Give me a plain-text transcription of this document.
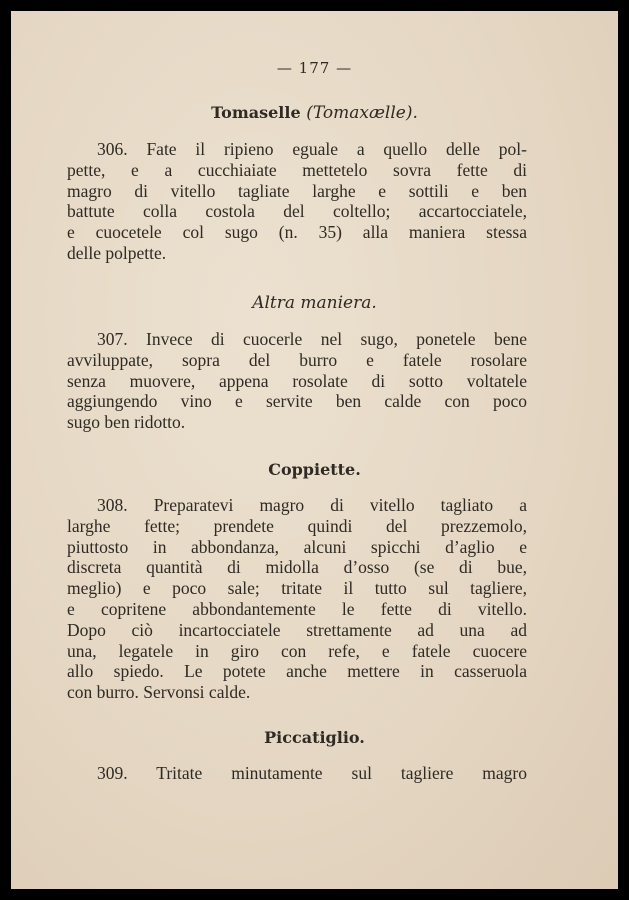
— 177 —
Tomaselle (Tomaxælle).
306. Fate il ripieno eguale a quello delle pol-
pette, e a cucchiaiate mettetelo sovra fette di
magro di vitello tagliate larghe e sottili e ben
battute colla costola del coltello; accartocciatele,
e cuocetele col sugo (n. 35) alla maniera stessa
delle polpette.
Altra maniera.
307. Invece di cuocerle nel sugo, ponetele bene
avviluppate, sopra del burro e fatele rosolare
senza muovere, appena rosolate di sotto voltatele
aggiungendo vino e servite ben calde con poco
sugo ben ridotto.
Coppiette.
308. Preparatevi magro di vitello tagliato a
larghe fette; prendete quindi del prezzemolo,
piuttosto in abbondanza, alcuni spicchi d’aglio e
discreta quantità di midolla d’osso (se di bue,
meglio) e poco sale; tritate il tutto sul tagliere,
e copritene abbondantemente le fette di vitello.
Dopo ciò incartocciatele strettamente ad una ad
una, legatele in giro con refe, e fatele cuocere
allo spiedo. Le potete anche mettere in casseruola
con burro. Servonsi calde.
Piccatiglio.
309. Tritate minutamente sul tagliere magro
